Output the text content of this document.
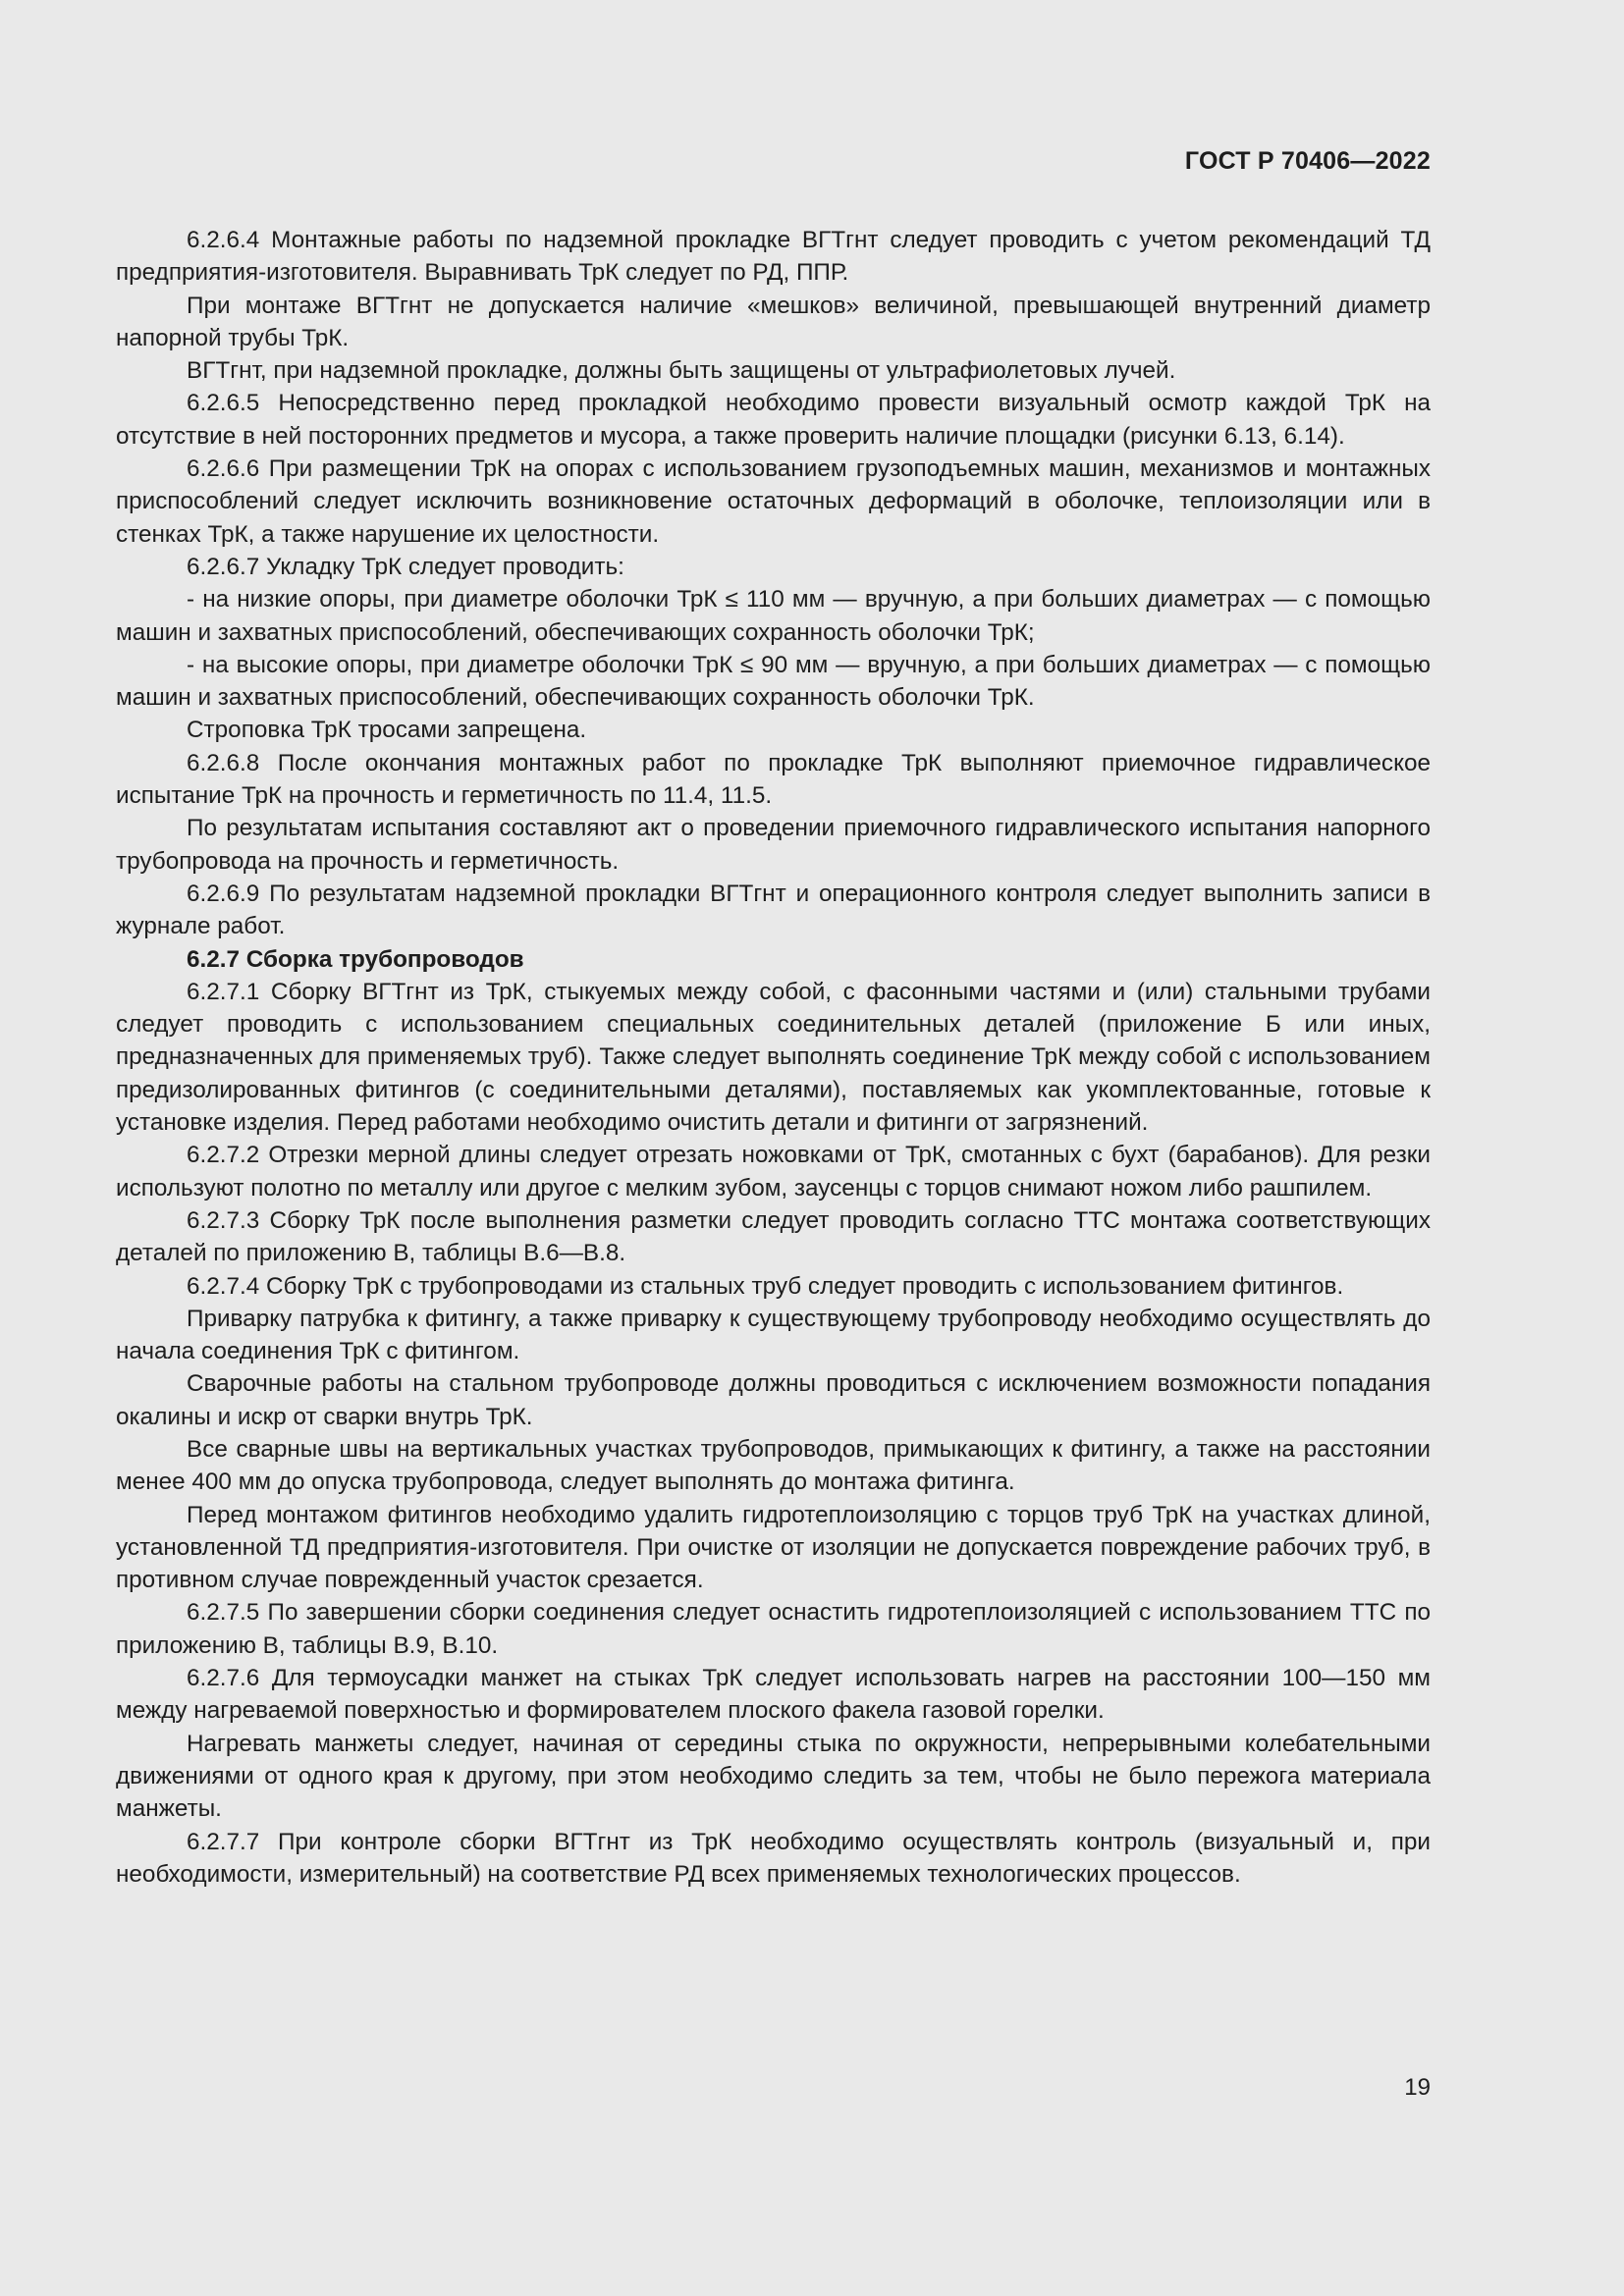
ГОСТ Р 70406—2022

6.2.6.4 Монтажные работы по надземной прокладке ВГТгнт следует проводить с учетом рекомендаций ТД предприятия-изготовителя. Выравнивать ТрК следует по РД, ППР.

При монтаже ВГТгнт не допускается наличие «мешков» величиной, превышающей внутренний диаметр напорной трубы ТрК.

ВГТгнт, при надземной прокладке, должны быть защищены от ультрафиолетовых лучей.

6.2.6.5 Непосредственно перед прокладкой необходимо провести визуальный осмотр каждой ТрК на отсутствие в ней посторонних предметов и мусора, а также проверить наличие площадки (рисунки 6.13, 6.14).

6.2.6.6 При размещении ТрК на опорах с использованием грузоподъемных машин, механизмов и монтажных приспособлений следует исключить возникновение остаточных деформаций в оболочке, теплоизоляции или в стенках ТрК, а также нарушение их целостности.

6.2.6.7 Укладку ТрК следует проводить:

- на низкие опоры, при диаметре оболочки ТрК ≤ 110 мм — вручную, а при больших диаметрах — с помощью машин и захватных приспособлений, обеспечивающих сохранность оболочки ТрК;

- на высокие опоры, при диаметре оболочки ТрК ≤ 90 мм — вручную, а при больших диаметрах — с помощью машин и захватных приспособлений, обеспечивающих сохранность оболочки ТрК.

Строповка ТрК тросами запрещена.

6.2.6.8 После окончания монтажных работ по прокладке ТрК выполняют приемочное гидравлическое испытание ТрК на прочность и герметичность по 11.4, 11.5.

По результатам испытания составляют акт о проведении приемочного гидравлического испытания напорного трубопровода на прочность и герметичность.

6.2.6.9 По результатам надземной прокладки ВГТгнт и операционного контроля следует выполнить записи в журнале работ.

6.2.7 Сборка трубопроводов

6.2.7.1 Сборку ВГТгнт из ТрК, стыкуемых между собой, с фасонными частями и (или) стальными трубами следует проводить с использованием специальных соединительных деталей (приложение Б или иных, предназначенных для применяемых труб). Также следует выполнять соединение ТрК между собой с использованием предизолированных фитингов (с соединительными деталями), поставляемых как укомплектованные, готовые к установке изделия. Перед работами необходимо очистить детали и фитинги от загрязнений.

6.2.7.2 Отрезки мерной длины следует отрезать ножовками от ТрК, смотанных с бухт (барабанов). Для резки используют полотно по металлу или другое с мелким зубом, заусенцы с торцов снимают ножом либо рашпилем.

6.2.7.3 Сборку ТрК после выполнения разметки следует проводить согласно ТТС монтажа соответствующих деталей по приложению В, таблицы В.6—В.8.

6.2.7.4 Сборку ТрК с трубопроводами из стальных труб следует проводить с использованием фитингов.

Приварку патрубка к фитингу, а также приварку к существующему трубопроводу необходимо осуществлять до начала соединения ТрК с фитингом.

Сварочные работы на стальном трубопроводе должны проводиться с исключением возможности попадания окалины и искр от сварки внутрь ТрК.

Все сварные швы на вертикальных участках трубопроводов, примыкающих к фитингу, а также на расстоянии менее 400 мм до опуска трубопровода, следует выполнять до монтажа фитинга.

Перед монтажом фитингов необходимо удалить гидротеплоизоляцию с торцов труб ТрК на участках длиной, установленной ТД предприятия-изготовителя. При очистке от изоляции не допускается повреждение рабочих труб, в противном случае поврежденный участок срезается.

6.2.7.5 По завершении сборки соединения следует оснастить гидротеплоизоляцией с использованием ТТС по приложению В, таблицы В.9, В.10.

6.2.7.6 Для термоусадки манжет на стыках ТрК следует использовать нагрев на расстоянии 100—150 мм между нагреваемой поверхностью и формирователем плоского факела газовой горелки.

Нагревать манжеты следует, начиная от середины стыка по окружности, непрерывными колебательными движениями от одного края к другому, при этом необходимо следить за тем, чтобы не было пережога материала манжеты.

6.2.7.7 При контроле сборки ВГТгнт из ТрК необходимо осуществлять контроль (визуальный и, при необходимости, измерительный) на соответствие РД всех применяемых технологических процессов.

19
